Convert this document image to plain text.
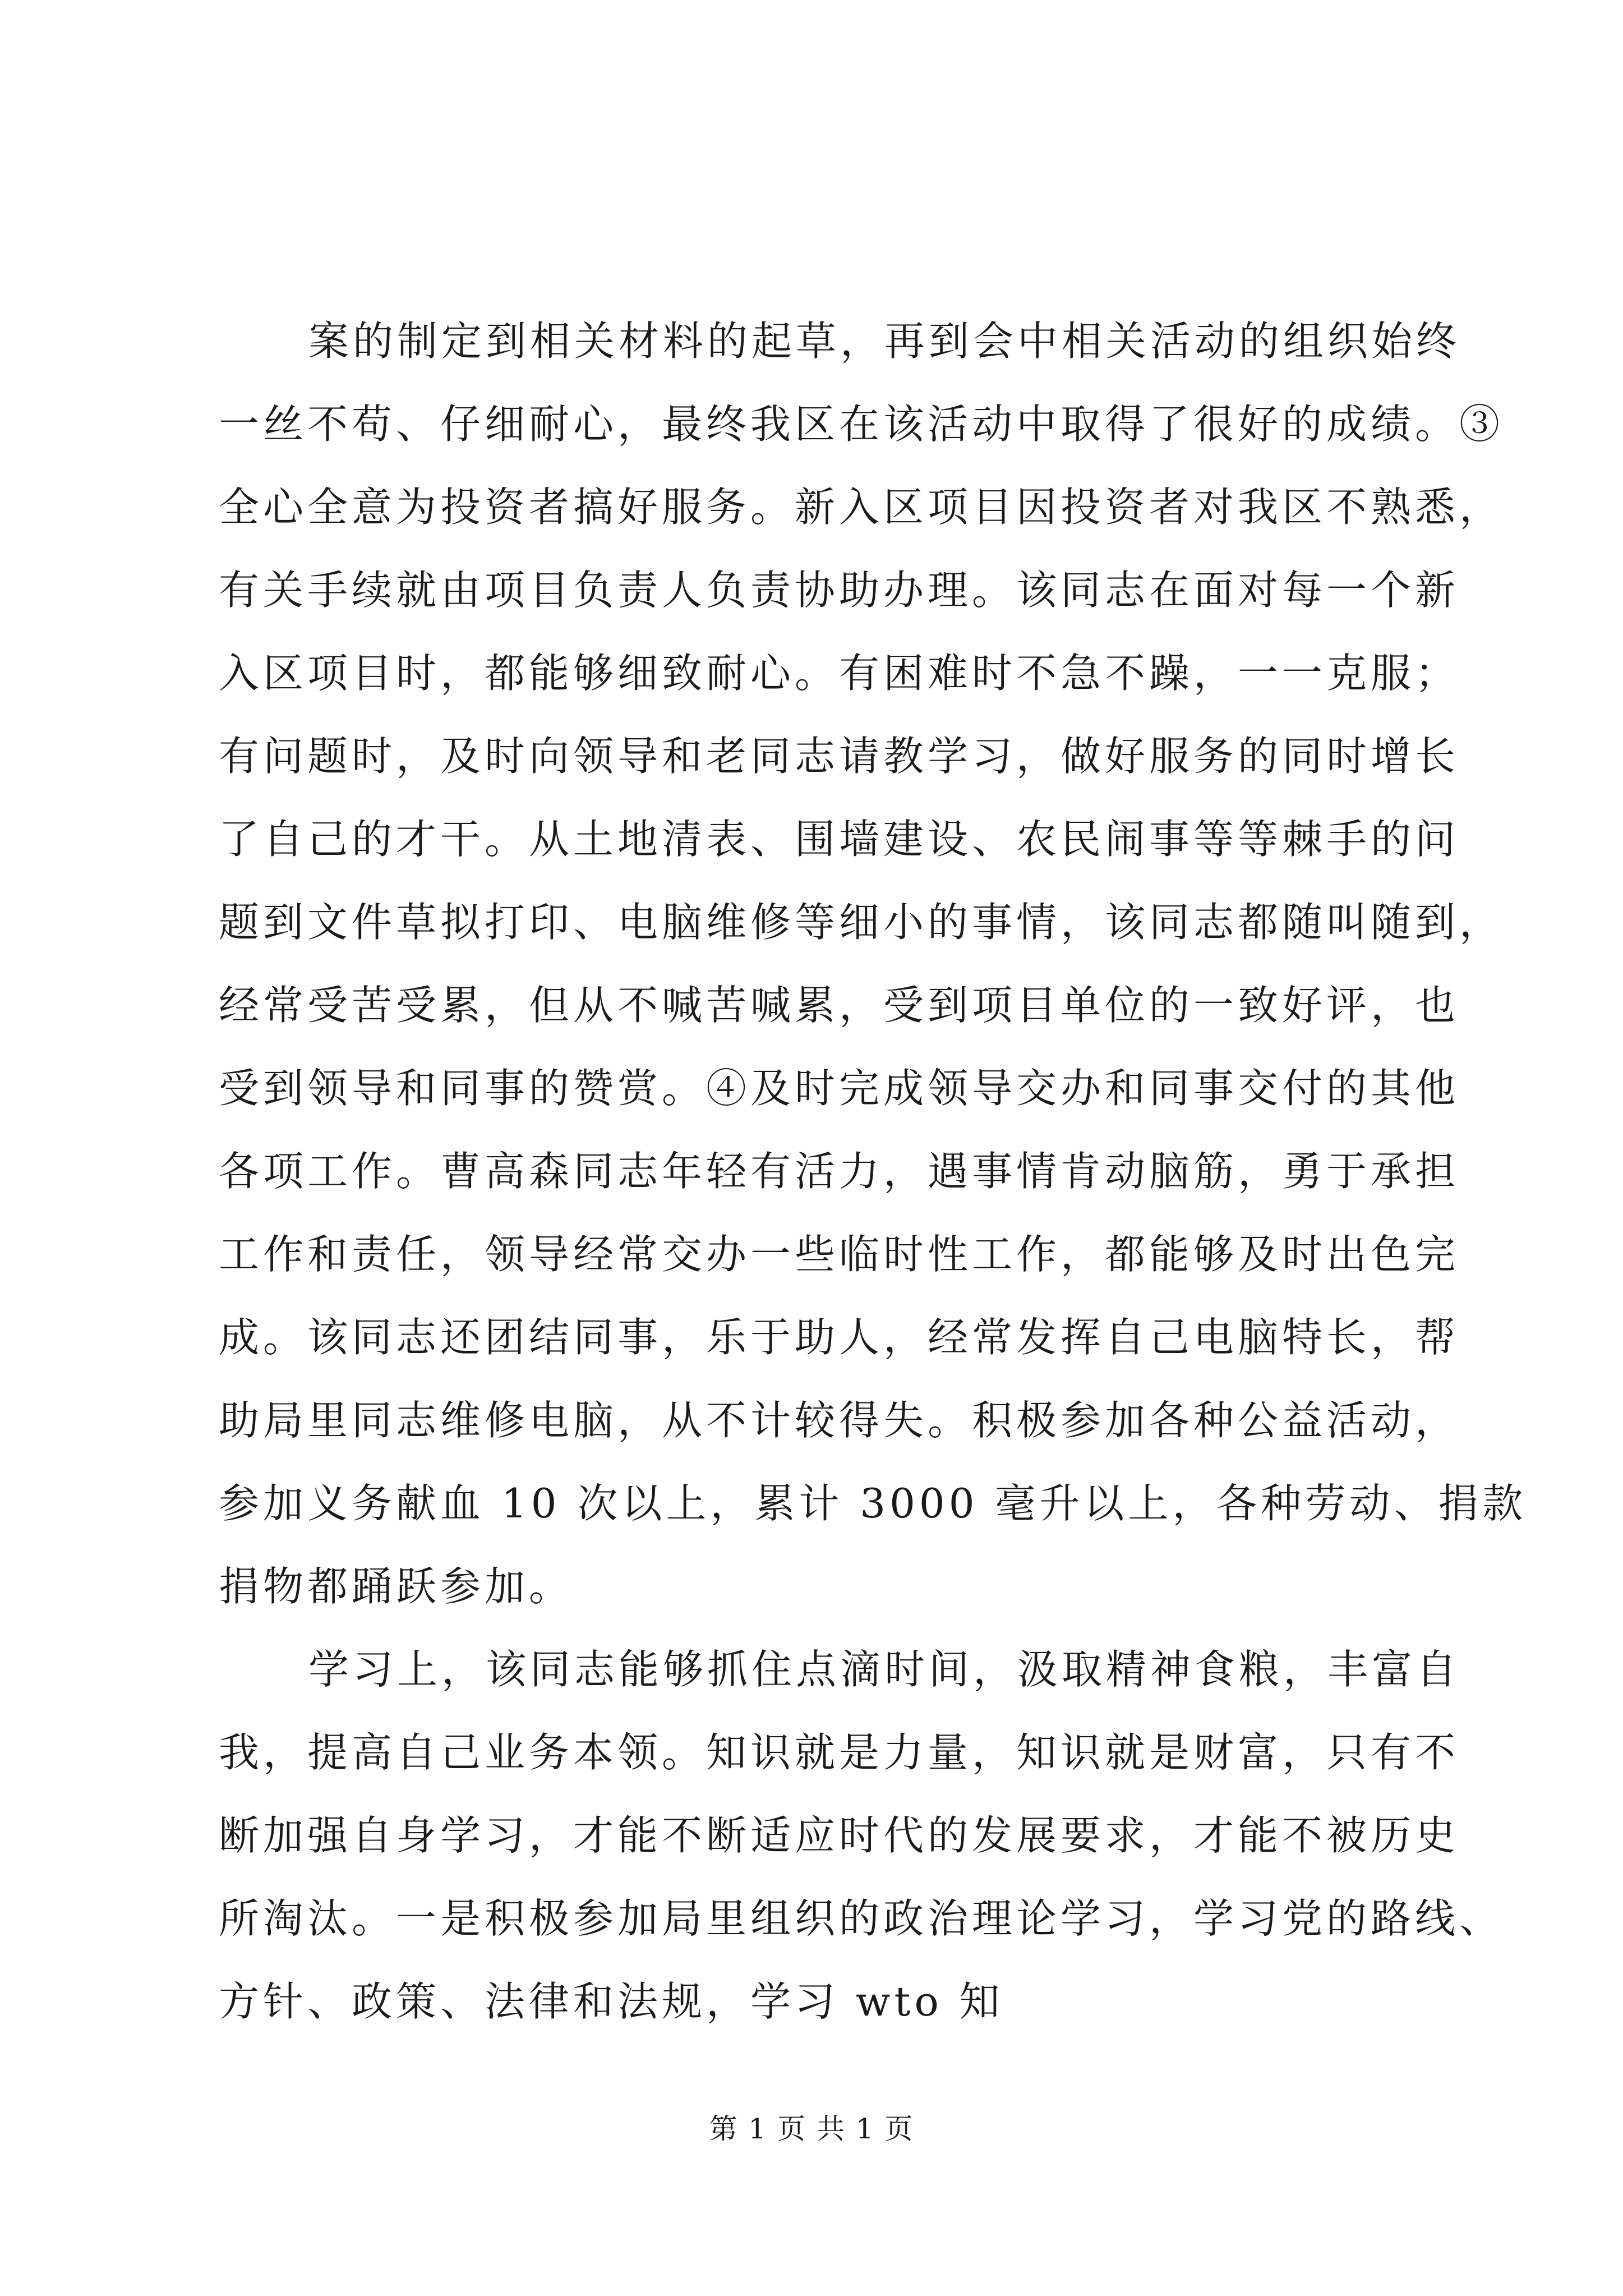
案的制定到相关材料的起草，再到会中相关活动的组织始终
一丝不苟、仔细耐心，最终我区在该活动中取得了很好的成绩。③
全心全意为投资者搞好服务。新入区项目因投资者对我区不熟悉，
有关手续就由项目负责人负责协助办理。该同志在面对每一个新
入区项目时，都能够细致耐心。有困难时不急不躁，一一克服；
有问题时，及时向领导和老同志请教学习，做好服务的同时增长
了自己的才干。从土地清表、围墙建设、农民闹事等等棘手的问
题到文件草拟打印、电脑维修等细小的事情，该同志都随叫随到，
经常受苦受累，但从不喊苦喊累，受到项目单位的一致好评，也
受到领导和同事的赞赏。④及时完成领导交办和同事交付的其他
各项工作。曹高森同志年轻有活力，遇事情肯动脑筋，勇于承担
工作和责任，领导经常交办一些临时性工作，都能够及时出色完
成。该同志还团结同事，乐于助人，经常发挥自己电脑特长，帮
助局里同志维修电脑，从不计较得失。积极参加各种公益活动，
参加义务献血 10 次以上，累计 3000 毫升以上，各种劳动、捐款
捐物都踊跃参加。
学习上，该同志能够抓住点滴时间，汲取精神食粮，丰富自
我，提高自己业务本领。知识就是力量，知识就是财富，只有不
断加强自身学习，才能不断适应时代的发展要求，才能不被历史
所淘汰。一是积极参加局里组织的政治理论学习，学习党的路线、
方针、政策、法律和法规，学习 wto 知
第 1 页 共 1 页
